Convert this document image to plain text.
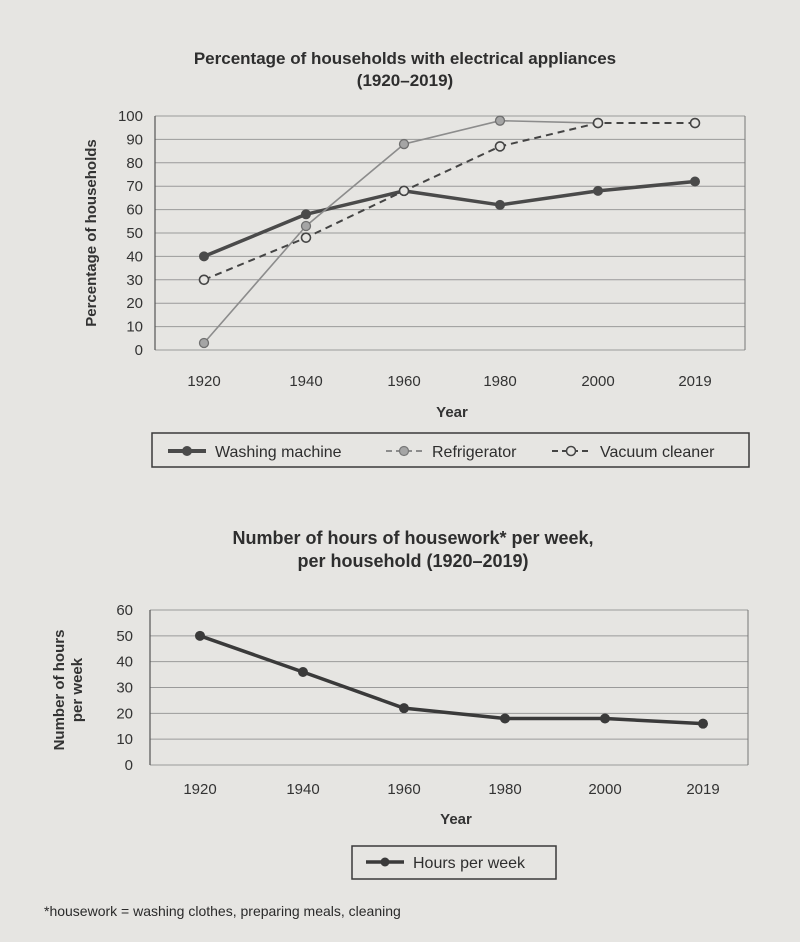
Percentage of households with electrical appliances
(1920–2019)
Percentage of households
Year
0
10
20
30
40
50
60
70
80
90
100
1920	1940	1960	1980	2000	2019
Washing machine	Refrigerator	Vacuum cleaner
Number of hours of housework* per week,
per household (1920–2019)
Number of hours per week
Year
0
10
20
30
40
50
60
1920	1940	1960	1980	2000	2019
Hours per week
*housework = washing clothes, preparing meals, cleaning
